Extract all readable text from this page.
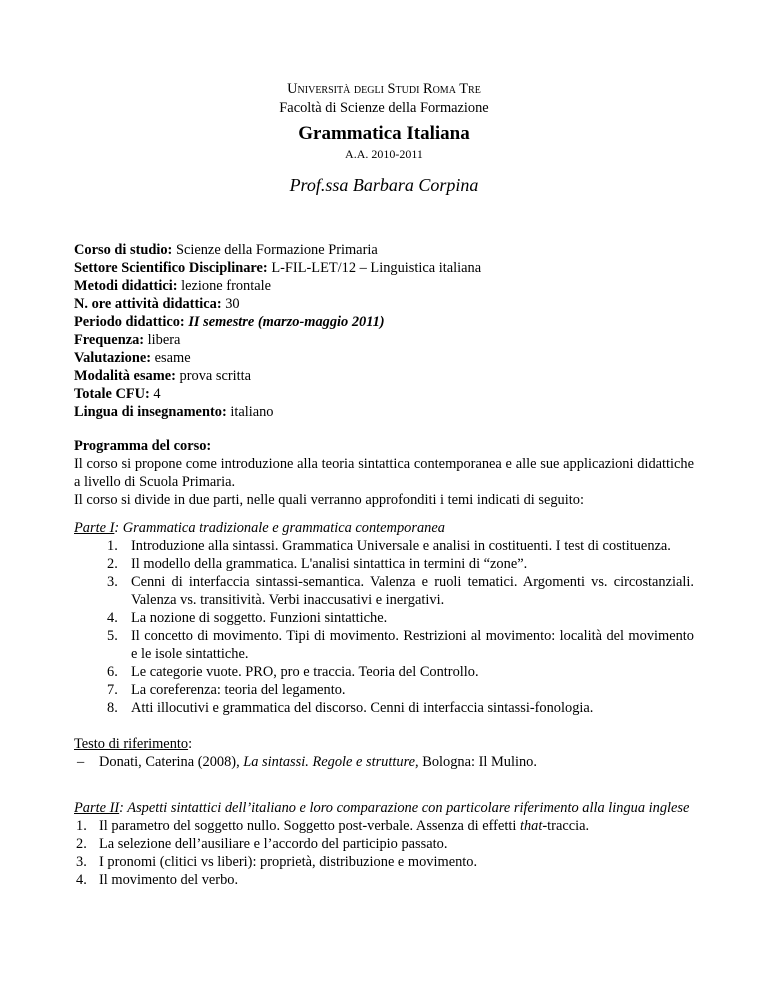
Università degli Studi Roma Tre
Facoltà di Scienze della Formazione
Grammatica Italiana
A.A. 2010-2011
Prof.ssa Barbara Corpina
Corso di studio: Scienze della Formazione Primaria
Settore Scientifico Disciplinare: L-FIL-LET/12 – Linguistica italiana
Metodi didattici: lezione frontale
N. ore attività didattica: 30
Periodo didattico: II semestre (marzo-maggio 2011)
Frequenza: libera
Valutazione: esame
Modalità esame: prova scritta
Totale CFU: 4
Lingua di insegnamento: italiano
Programma del corso:
Il corso si propone come introduzione alla teoria sintattica contemporanea e alle sue applicazioni didattiche a livello di Scuola Primaria.
Il corso si divide in due parti, nelle quali verranno approfonditi i temi indicati di seguito:
Parte I: Grammatica tradizionale e grammatica contemporanea
1. Introduzione alla sintassi. Grammatica Universale e analisi in costituenti. I test di costituenza.
2. Il modello della grammatica. L'analisi sintattica in termini di “zone”.
3. Cenni di interfaccia sintassi-semantica. Valenza e ruoli tematici. Argomenti vs. circostanziali. Valenza vs. transitività. Verbi inaccusativi e inergativi.
4. La nozione di soggetto. Funzioni sintattiche.
5. Il concetto di movimento. Tipi di movimento. Restrizioni al movimento: località del movimento e le isole sintattiche.
6. Le categorie vuote. PRO, pro e traccia. Teoria del Controllo.
7. La coreferenza: teoria del legamento.
8. Atti illocutivi e grammatica del discorso. Cenni di interfaccia sintassi-fonologia.
Testo di riferimento:
– Donati, Caterina (2008), La sintassi. Regole e strutture, Bologna: Il Mulino.
Parte II: Aspetti sintattici dell’italiano e loro comparazione con particolare riferimento alla lingua inglese
1. Il parametro del soggetto nullo. Soggetto post-verbale. Assenza di effetti that-traccia.
2. La selezione dell’ausiliare e l’accordo del participio passato.
3. I pronomi (clitici vs liberi): proprietà, distribuzione e movimento.
4. Il movimento del verbo.
